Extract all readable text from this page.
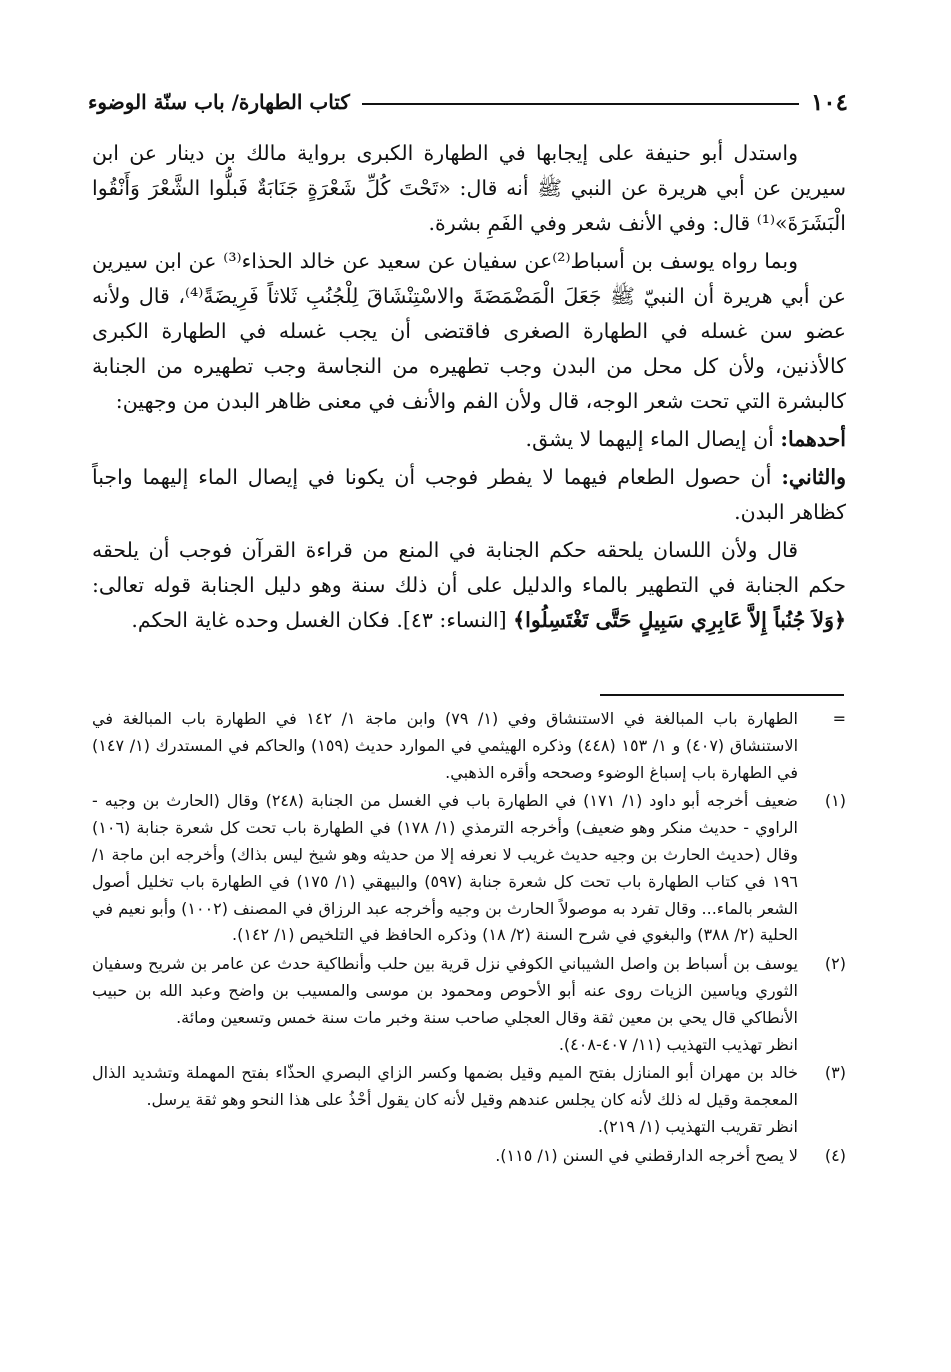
١٠٤
كتاب الطهارة/ باب سنّة الوضوء

واستدل أبو حنيفة على إيجابها في الطهارة الكبرى برواية مالك بن دينار عن ابن سيرين عن أبي هريرة عن النبي ﷺ أنه قال: «تَحْتَ كُلِّ شَعْرَةٍ جَنَابَةٌ فَبلُّوا الشَّعْرَ وَأَنْقُوا الْبَشَرَةَ»⁽¹⁾ قال: وفي الأنف شعر وفي الفَمِ بشرة.

وبما رواه يوسف بن أسباط⁽²⁾عن سفيان عن سعيد عن خالد الحذاء⁽³⁾ عن ابن سيرين عن أبي هريرة أن النبيّ ﷺ جَعَلَ الْمَضْمَضَةَ والاسْتِنْشَاقَ لِلْجُنُبِ ثَلاثاً فَرِيضَةً⁽⁴⁾، قال ولأنه عضو سن غسله في الطهارة الصغرى فاقتضى أن يجب غسله في الطهارة الكبرى كالأذنين، ولأن كل محل من البدن وجب تطهيره من النجاسة وجب تطهيره من الجنابة كالبشرة التي تحت شعر الوجه، قال ولأن الفم والأنف في معنى ظاهر البدن من وجهين:

أحدهما: أن إيصال الماء إليهما لا يشق.

والثاني: أن حصول الطعام فيهما لا يفطر فوجب أن يكونا في إيصال الماء إليهما واجباً كظاهر البدن.

قال ولأن اللسان يلحقه حكم الجنابة في المنع من قراءة القرآن فوجب أن يلحقه حكم الجنابة في التطهير بالماء والدليل على أن ذلك سنة وهو دليل الجنابة قوله تعالى: ﴿وَلاَ جُنُباً إِلاَّ عَابِرِي سَبِيلٍ حَتَّى تَغْتَسِلُوا﴾ [النساء: ٤٣]. فكان الغسل وحده غاية الحكم.

=
الطهارة باب المبالغة في الاستنشاق وفي (١/ ٧٩) وابن ماجة ١/ ١٤٢ في الطهارة باب المبالغة في الاستنشاق (٤٠٧) و ١/ ١٥٣ (٤٤٨) وذكره الهيثمي في الموارد حديث (١٥٩) والحاكم في المستدرك (١/ ١٤٧) في الطهارة باب إسباغ الوضوء وصححه وأقره الذهبي.
(١)
ضعيف أخرجه أبو داود (١/ ١٧١) في الطهارة باب في الغسل من الجنابة (٢٤٨) وقال (الحارث بن وجيه - الراوي - حديث منكر وهو ضعيف) وأخرجه الترمذي (١/ ١٧٨) في الطهارة باب تحت كل شعرة جنابة (١٠٦) وقال (حديث الحارث بن وجيه حديث غريب لا نعرفه إلا من حديثه وهو شيخ ليس بذاك) وأخرجه ابن ماجة ١/ ١٩٦ في كتاب الطهارة باب تحت كل شعرة جنابة (٥٩٧) والبيهقي (١/ ١٧٥) في الطهارة باب تخليل أصول الشعر بالماء... وقال تفرد به موصولاً الحارث بن وجيه وأخرجه عبد الرزاق في المصنف (١٠٠٢) وأبو نعيم في الحلية (٢/ ٣٨٨) والبغوي في شرح السنة (٢/ ١٨) وذكره الحافظ في التلخيص (١/ ١٤٢).
(٢)

يوسف بن أسباط بن واصل الشيباني الكوفي نزل قرية بين حلب وأنطاكية حدث عن عامر بن شريح وسفيان الثوري وياسين الزيات روى عنه أبو الأحوص ومحمود بن موسى والمسيب بن واضح وعبد الله بن حبيب الأنطاكي قال يحي بن معين ثقة وقال العجلي صاحب سنة وخبر مات سنة خمس وتسعين ومائة.

انظر تهذيب التهذيب (١١/ ٤٠٧-٤٠٨).

(٣)

خالد بن مهران أبو المنازل بفتح الميم وقيل بضمها وكسر الزاي البصري الحذّاء بفتح المهملة وتشديد الذال المعجمة وقيل له ذلك لأنه كان يجلس عندهم وقيل لأنه كان يقول أحْذُ على هذا النحو وهو ثقة يرسل.

انظر تقريب التهذيب (١/ ٢١٩).

(٤)
لا يصح أخرجه الدارقطني في السنن (١/ ١١٥).
